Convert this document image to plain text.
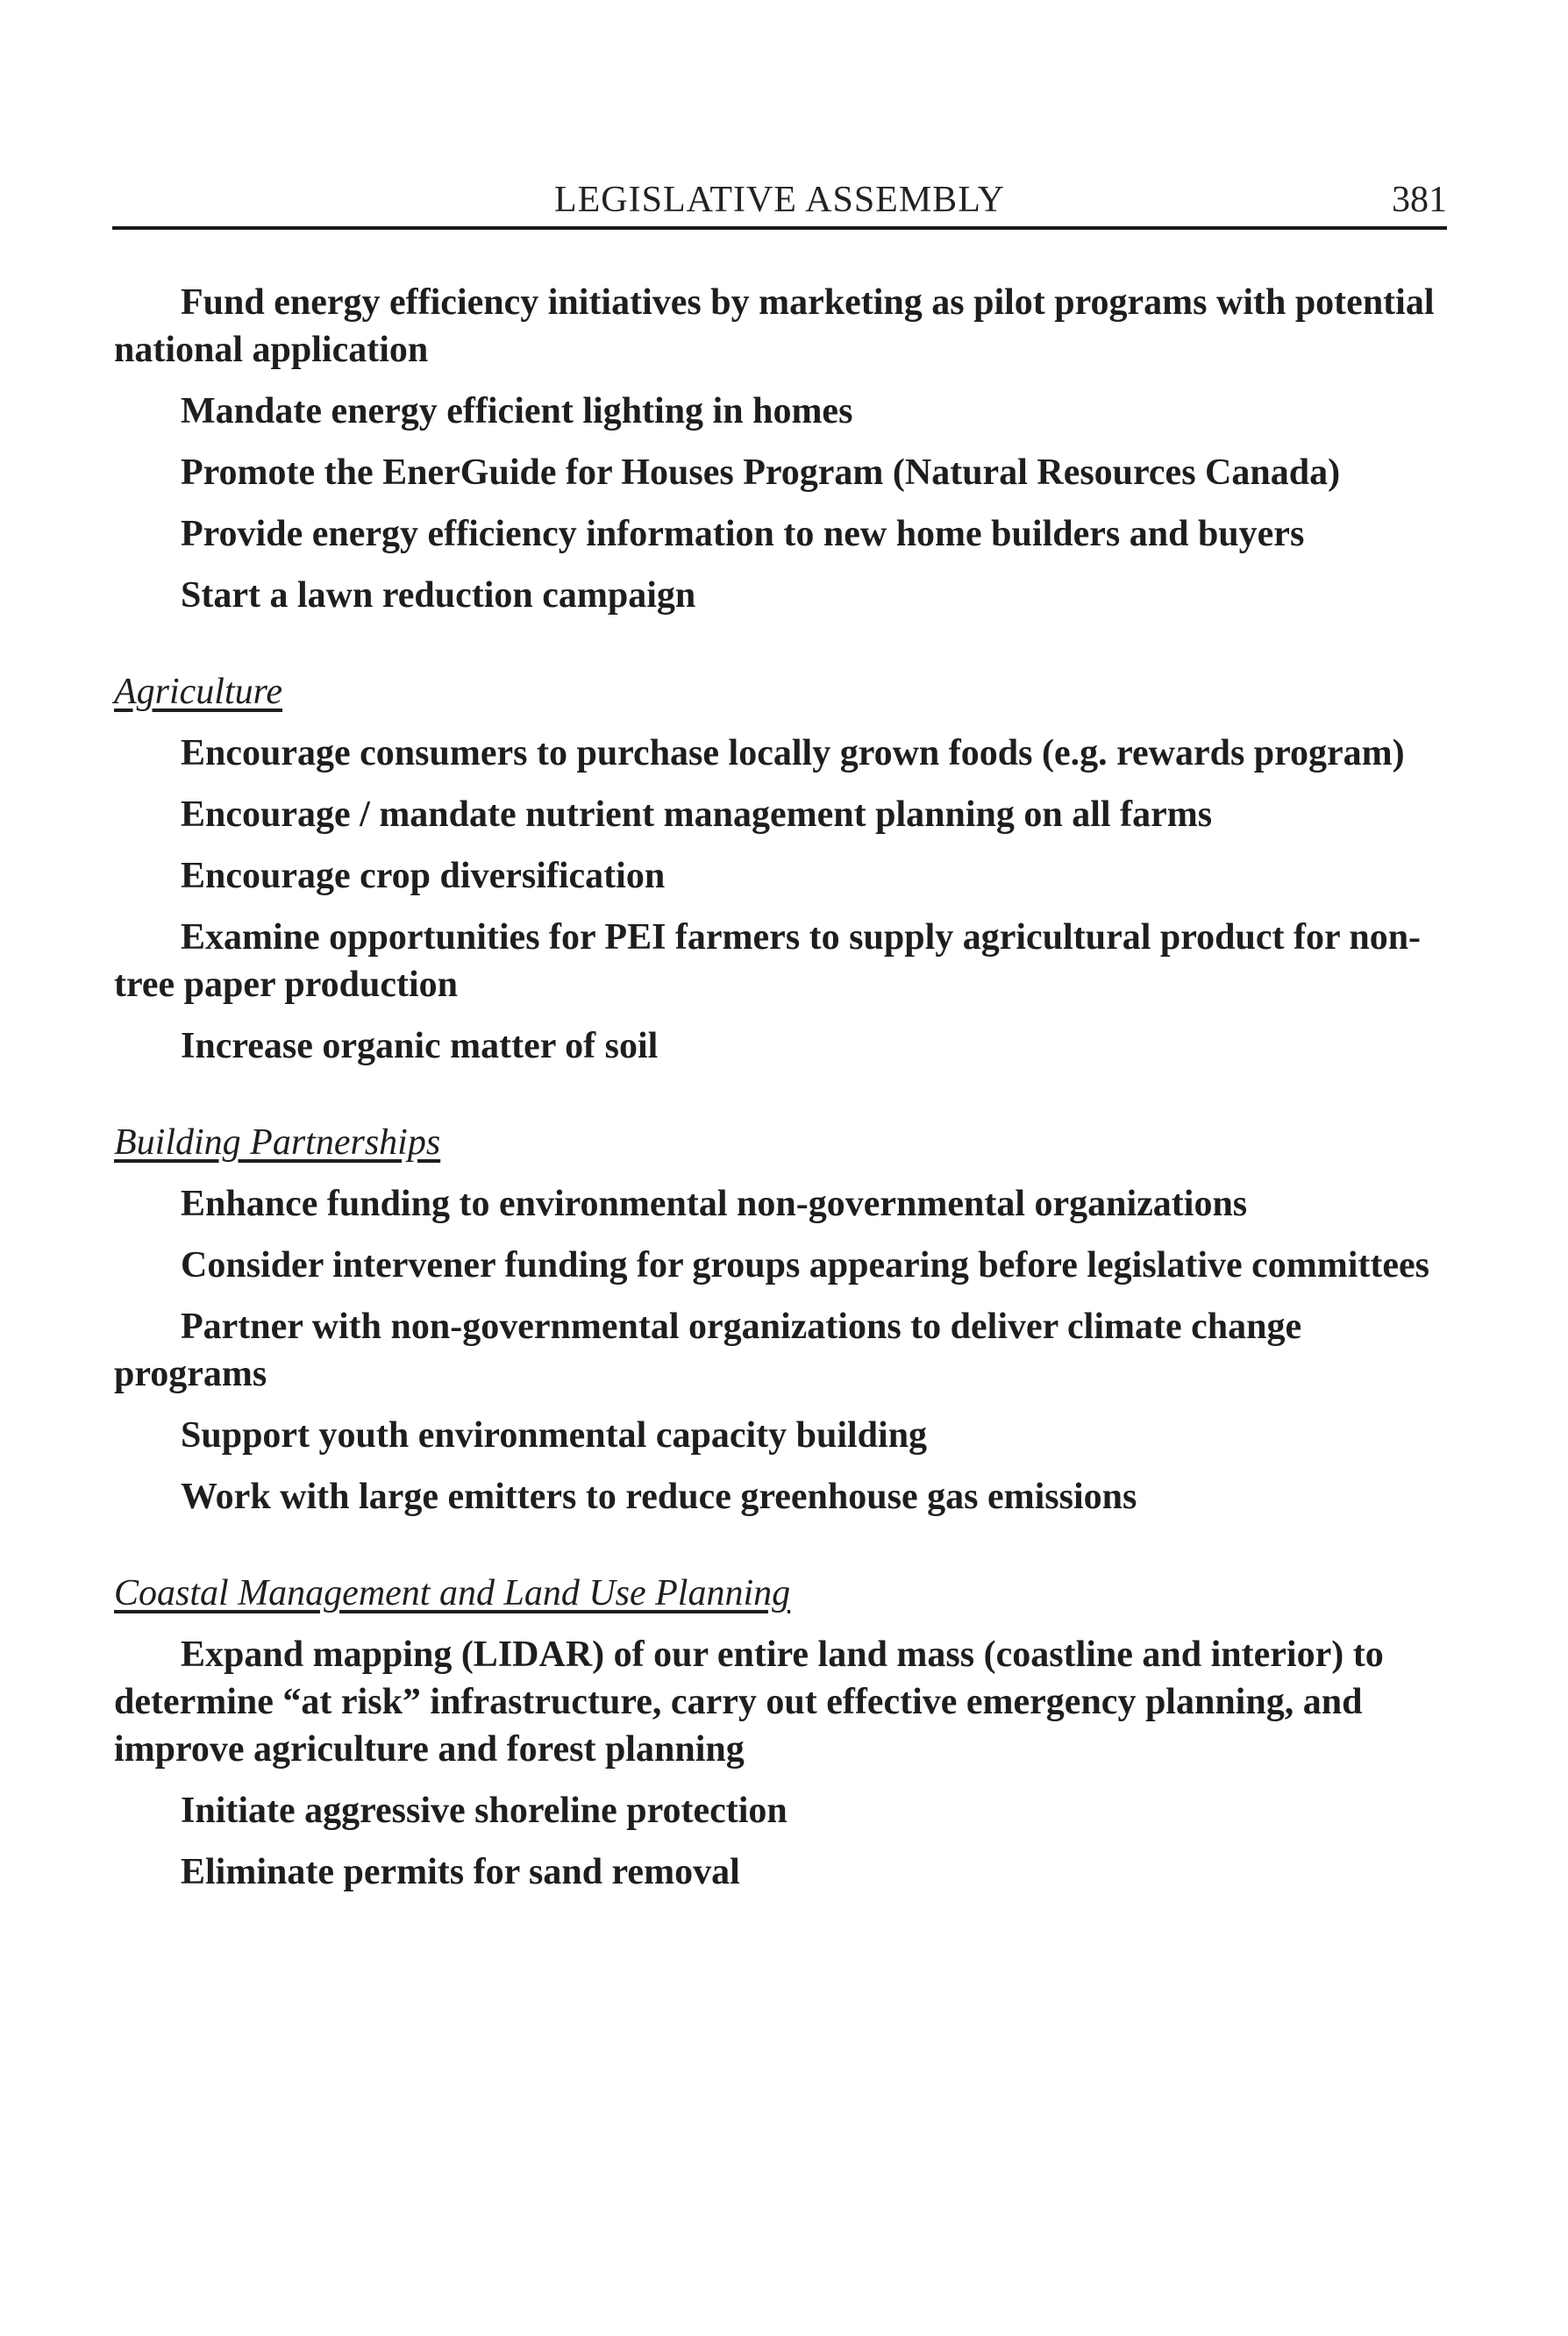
LEGISLATIVE ASSEMBLY	381

Fund energy efficiency initiatives by marketing as pilot programs with potential national application

Mandate energy efficient lighting in homes

Promote the EnerGuide for Houses Program (Natural Resources Canada)

Provide energy efficiency information to new home builders and buyers

Start a lawn reduction campaign

Agriculture

Encourage consumers to purchase locally grown foods (e.g. rewards program)

Encourage / mandate nutrient management planning on all farms

Encourage crop diversification

Examine opportunities for PEI farmers to supply agricultural product for non-tree paper production

Increase organic matter of soil

Building Partnerships

Enhance funding to environmental non-governmental organizations

Consider intervener funding for groups appearing before legislative committees

Partner with non-governmental organizations to deliver climate change programs

Support youth environmental capacity building

Work with large emitters to reduce greenhouse gas emissions

Coastal Management and Land Use Planning

Expand mapping (LIDAR) of our entire land mass (coastline and interior) to determine “at risk” infrastructure, carry out effective emergency planning, and improve agriculture and forest planning

Initiate aggressive shoreline protection

Eliminate permits for sand removal
